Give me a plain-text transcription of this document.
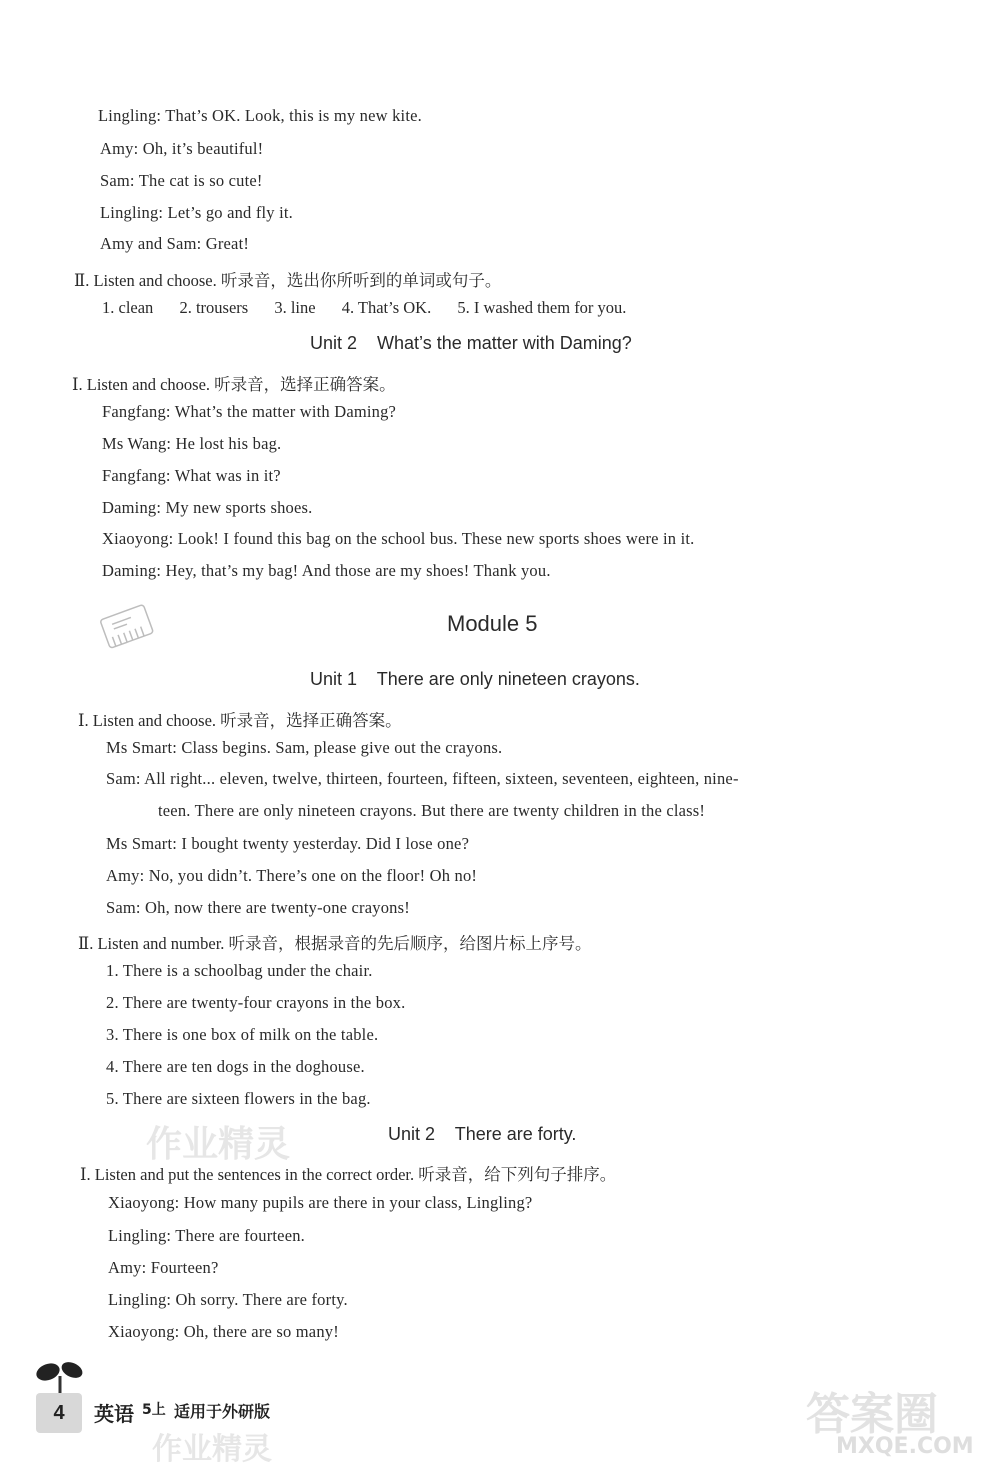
Lingling: That’s OK. Look, this is my new kite.
Amy: Oh, it’s beautiful!
Sam: The cat is so cute!
Lingling: Let’s go and fly it.
Amy and Sam: Great!
Ⅱ. Listen and choose. 听录音，选出你所听到的单词或句子。
1. clean 2. trousers 3. line 4. That’s OK. 5. I washed them for you.
Unit 2    What’s the matter with Daming?
Ⅰ. Listen and choose. 听录音，选择正确答案。
Fangfang: What’s the matter with Daming?
Ms Wang: He lost his bag.
Fangfang: What was in it?
Daming: My new sports shoes.
Xiaoyong: Look! I found this bag on the school bus. These new sports shoes were in it.
Daming: Hey, that’s my bag! And those are my shoes! Thank you.
Module 5
Unit 1    There are only nineteen crayons.
Ⅰ. Listen and choose. 听录音，选择正确答案。
Ms Smart: Class begins. Sam, please give out the crayons.
Sam: All right... eleven, twelve, thirteen, fourteen, fifteen, sixteen, seventeen, eighteen, nine-
teen. There are only nineteen crayons. But there are twenty children in the class!
Ms Smart: I bought twenty yesterday. Did I lose one?
Amy: No, you didn’t. There’s one on the floor! Oh no!
Sam: Oh, now there are twenty-one crayons!
Ⅱ. Listen and number. 听录音，根据录音的先后顺序，给图片标上序号。
1. There is a schoolbag under the chair.
2. There are twenty-four crayons in the box.
3. There is one box of milk on the table.
4. There are ten dogs in the doghouse.
5. There are sixteen flowers in the bag.
作业精灵	Unit 2    There are forty.
Ⅰ. Listen and put the sentences in the correct order. 听录音，给下列句子排序。
Xiaoyong: How many pupils are there in your class, Lingling?
Lingling: There are fourteen.
Amy: Fourteen?
Lingling: Oh sorry. There are forty.
Xiaoyong: Oh, there are so many!
4	英语 5上 适用于外研版
作业精灵
答案圈
MXQE.COM
